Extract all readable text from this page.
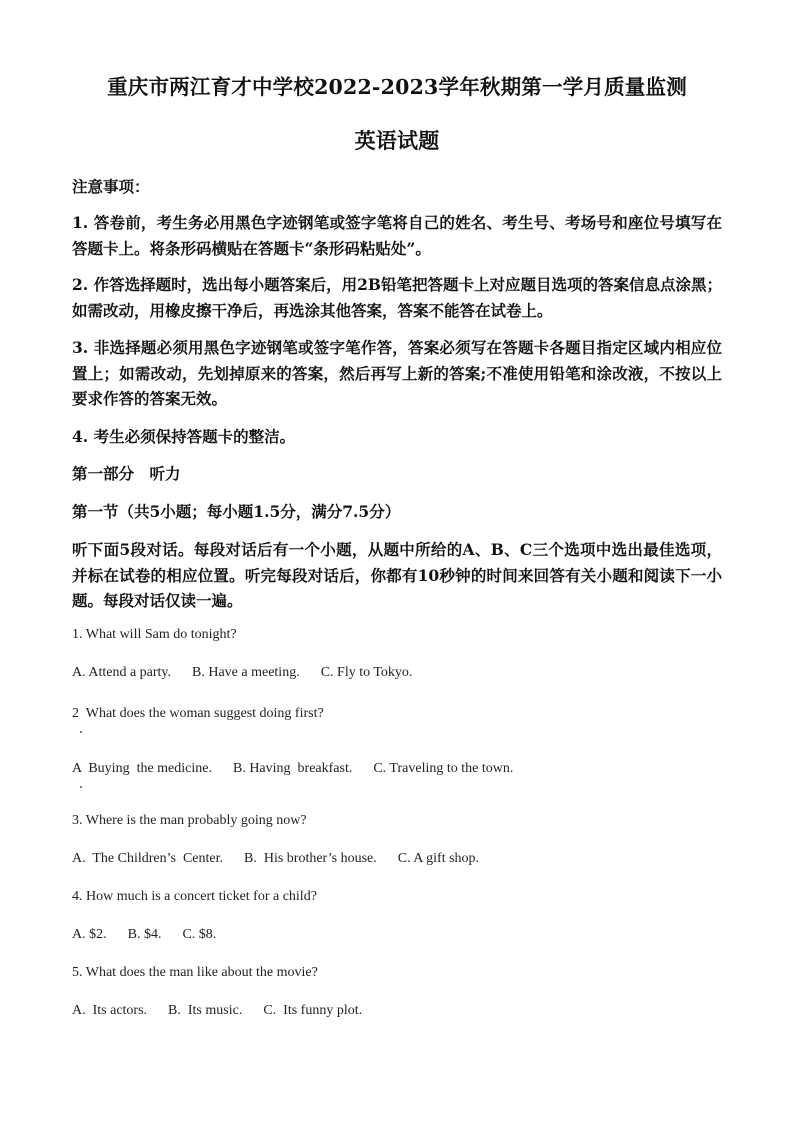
重庆市两江育才中学校2022-2023学年秋期第一学月质量监测
英语试题
注意事项：
1. 答卷前，考生务必用黑色字迹钢笔或签字笔将自己的姓名、考生号、考场号和座位号填写在答题卡上。将条形码横贴在答题卡“条形码粘贴处”。
2. 作答选择题时，选出每小题答案后，用2B铅笔把答题卡上对应题目选项的答案信息点涂黑；如需改动，用橡皮擦干净后，再选涂其他答案，答案不能答在试卷上。
3. 非选择题必须用黑色字迹钢笔或签字笔作答，答案必须写在答题卡各题目指定区域内相应位置上；如需改动，先划掉原来的答案，然后再写上新的答案;不准使用铅笔和涂改液，不按以上要求作答的答案无效。
4. 考生必须保持答题卡的整洁。
第一部分　听力
第一节（共5小题；每小题1.5分，满分7.5分）
听下面5段对话。每段对话后有一个小题，从题中所给的A、B、C三个选项中选出最佳选项，并标在试卷的相应位置。听完每段对话后，你都有10秒钟的时间来回答有关小题和阅读下一小题。每段对话仅读一遍。
1. What will Sam do tonight?
A. Attend a party.      B. Have a meeting.      C. Fly to Tokyo.
2  What does the woman suggest doing first?
A  Buying  the medicine.      B. Having  breakfast.      C. Traveling to the town.
3. Where is the man probably going now?
A.  The Children’s  Center.      B.  His brother’s house.      C. A gift shop.
4. How much is a concert ticket for a child?
A. $2.      B. $4.      C. $8.
5. What does the man like about the movie?
A.  Its actors.      B.  Its music.      C.  Its funny plot.
